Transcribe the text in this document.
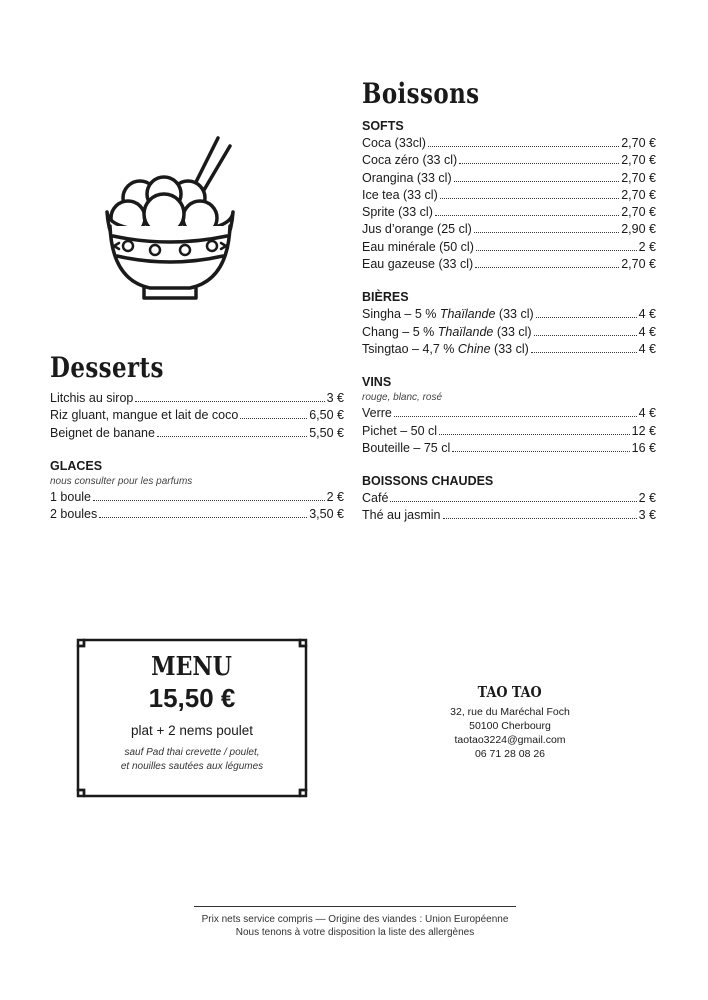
Boissons

SOFTS

Coca (33cl)	2,70 €
Coca zéro (33 cl)	2,70 €
Orangina (33 cl)	2,70 €
Ice tea (33 cl)	2,70 €
Sprite (33 cl)	2,70 €
Jus d’orange (25 cl)	2,90 €
Eau minérale (50 cl)	2 €
Eau gazeuse (33 cl)	2,70 €

BIÈRES

Singha – 5 % Thaïlande (33 cl)	4 €
Chang – 5 % Thaïlande (33 cl)	4 €
Tsingtao – 4,7 % Chine (33 cl)	4 €

VINS

rouge, blanc, rosé

Verre	4 €
Pichet – 50 cl	12 €
Bouteille – 75 cl	16 €

BOISSONS CHAUDES

Café	2 €
Thé au jasmin	3 €
Desserts
Litchis au sirop	3 €
Riz gluant, mangue et lait de coco	6,50 €
Beignet de banane	5,50 €

GLACES

nous consulter pour les parfums

1 boule	2 €
2 boules	3,50 €
MENU
15,50 €
plat + 2 nems poulet
sauf Pad thai crevette / poulet,
et nouilles sautées aux légumes
TAO TAO
32, rue du Maréchal Foch
50100 Cherbourg
taotao3224@gmail.com
06 71 28 08 26
Prix nets service compris — Origine des viandes : Union Européenne
Nous tenons à votre disposition la liste des allergènes
